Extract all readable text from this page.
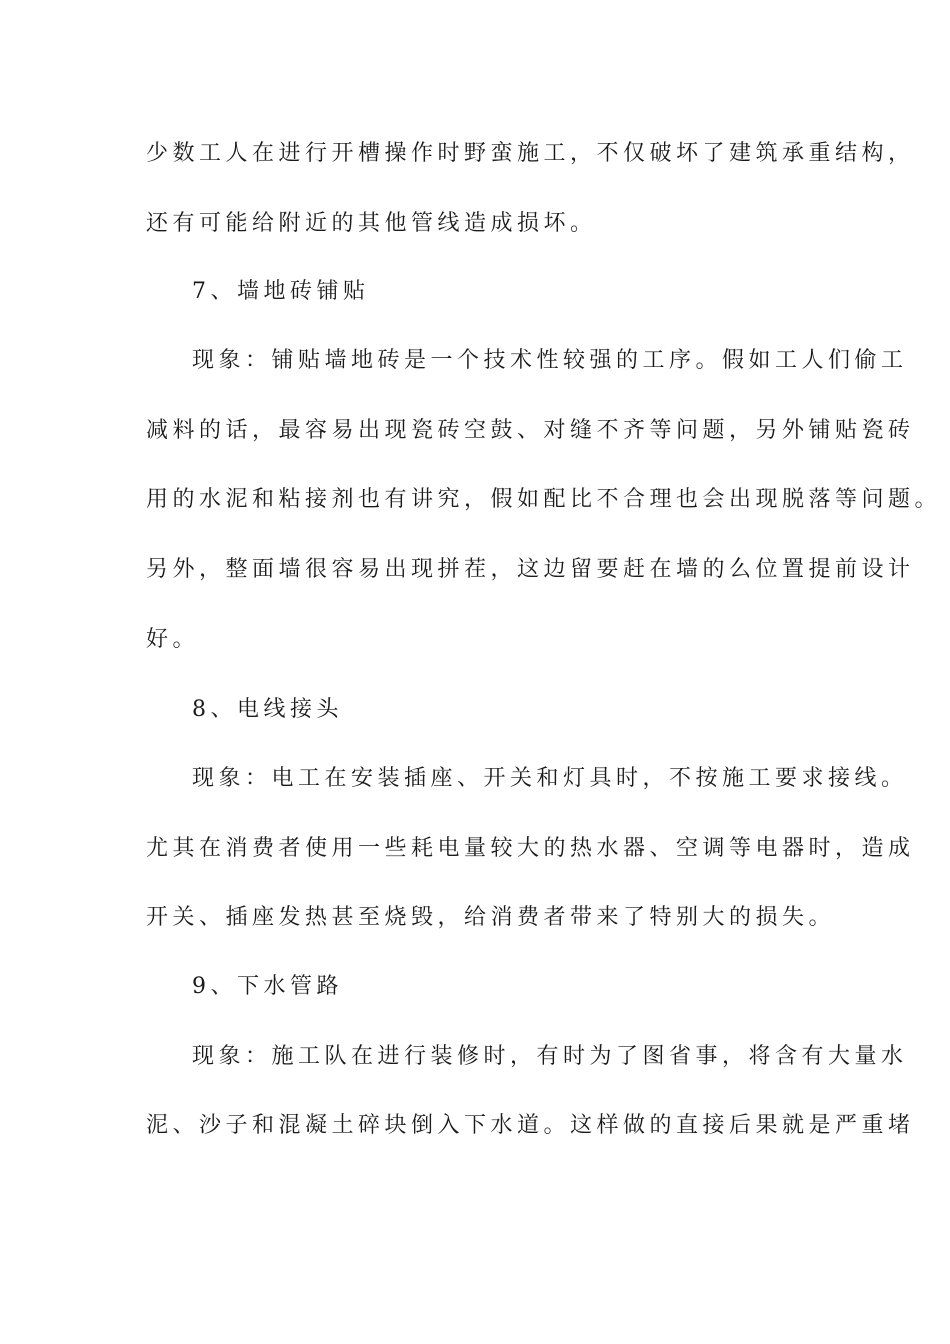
少数工人在进行开槽操作时野蛮施工，不仅破坏了建筑承重结构，
还有可能给附近的其他管线造成损坏。
7、墙地砖铺贴
现象：铺贴墙地砖是一个技术性较强的工序。假如工人们偷工
减料的话，最容易出现瓷砖空鼓、对缝不齐等问题，另外铺贴瓷砖
用的水泥和粘接剂也有讲究，假如配比不合理也会出现脱落等问题。
另外，整面墙很容易出现拼茬，这边留要赶在墙的么位置提前设计
好。
8、电线接头
现象：电工在安装插座、开关和灯具时，不按施工要求接线。
尤其在消费者使用一些耗电量较大的热水器、空调等电器时，造成
开关、插座发热甚至烧毁，给消费者带来了特别大的损失。
9、下水管路
现象：施工队在进行装修时，有时为了图省事，将含有大量水
泥、沙子和混凝土碎块倒入下水道。这样做的直接后果就是严重堵
